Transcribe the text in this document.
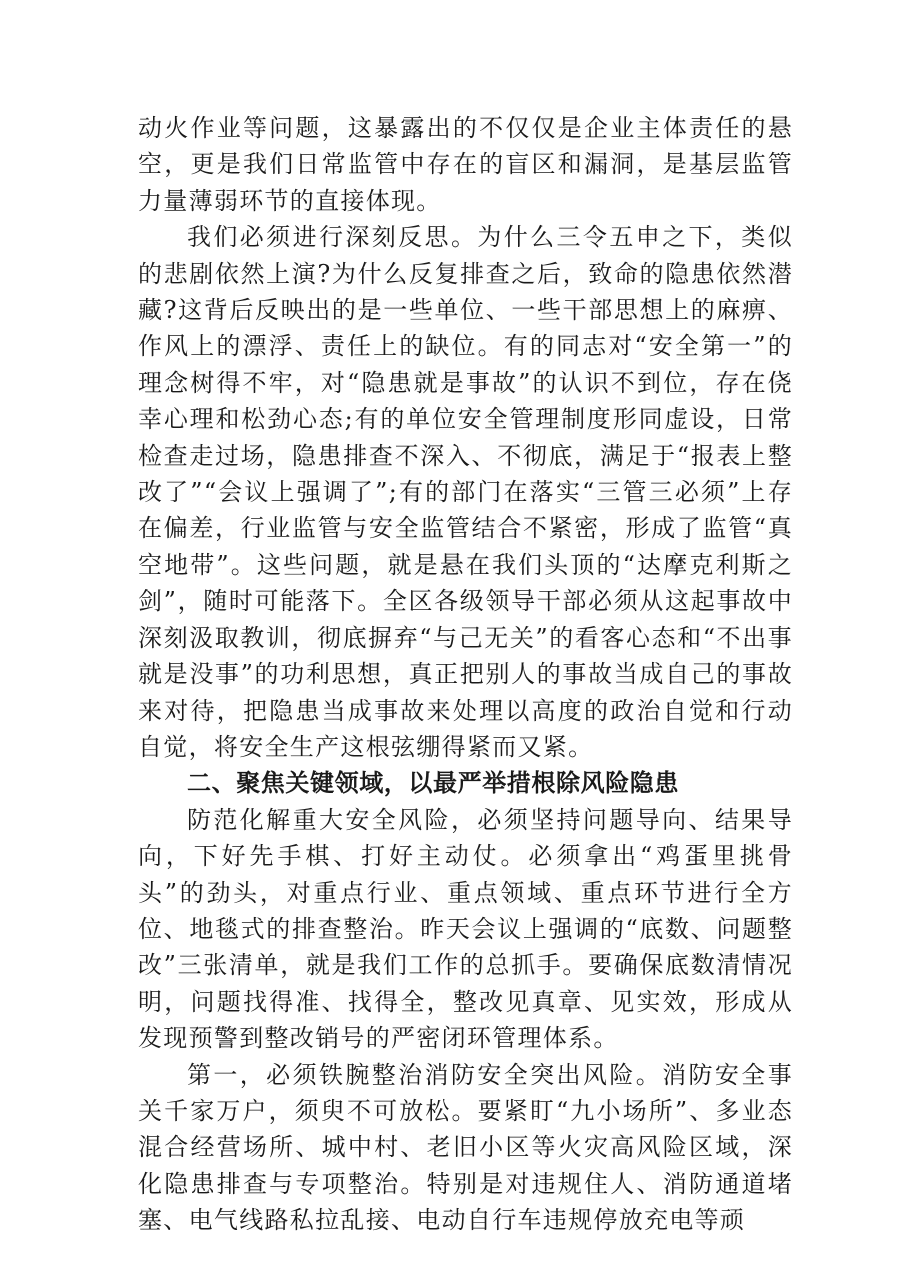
动火作业等问题，这暴露出的不仅仅是企业主体责任的悬空，更是我们日常监管中存在的盲区和漏洞，是基层监管力量薄弱环节的直接体现。

我们必须进行深刻反思。为什么三令五申之下，类似的悲剧依然上演?为什么反复排查之后，致命的隐患依然潜藏?这背后反映出的是一些单位、一些干部思想上的麻痹、作风上的漂浮、责任上的缺位。有的同志对“安全第一”的理念树得不牢，对“隐患就是事故”的认识不到位，存在侥幸心理和松劲心态;有的单位安全管理制度形同虚设，日常检查走过场，隐患排查不深入、不彻底，满足于“报表上整改了”“会议上强调了”;有的部门在落实“三管三必须”上存在偏差，行业监管与安全监管结合不紧密，形成了监管“真空地带”。这些问题，就是悬在我们头顶的“达摩克利斯之剑”，随时可能落下。全区各级领导干部必须从这起事故中深刻汲取教训，彻底摒弃“与己无关”的看客心态和“不出事就是没事”的功利思想，真正把别人的事故当成自己的事故来对待，把隐患当成事故来处理以高度的政治自觉和行动自觉，将安全生产这根弦绷得紧而又紧。

二、聚焦关键领域，以最严举措根除风险隐患

防范化解重大安全风险，必须坚持问题导向、结果导向，下好先手棋、打好主动仗。必须拿出“鸡蛋里挑骨头”的劲头，对重点行业、重点领域、重点环节进行全方位、地毯式的排查整治。昨天会议上强调的“底数、问题整改”三张清单，就是我们工作的总抓手。要确保底数清情况明，问题找得准、找得全，整改见真章、见实效，形成从发现预警到整改销号的严密闭环管理体系。

第一，必须铁腕整治消防安全突出风险。消防安全事关千家万户，须臾不可放松。要紧盯“九小场所”、多业态混合经营场所、城中村、老旧小区等火灾高风险区域，深化隐患排查与专项整治。特别是对违规住人、消防通道堵塞、电气线路私拉乱接、电动自行车违规停放充电等顽
